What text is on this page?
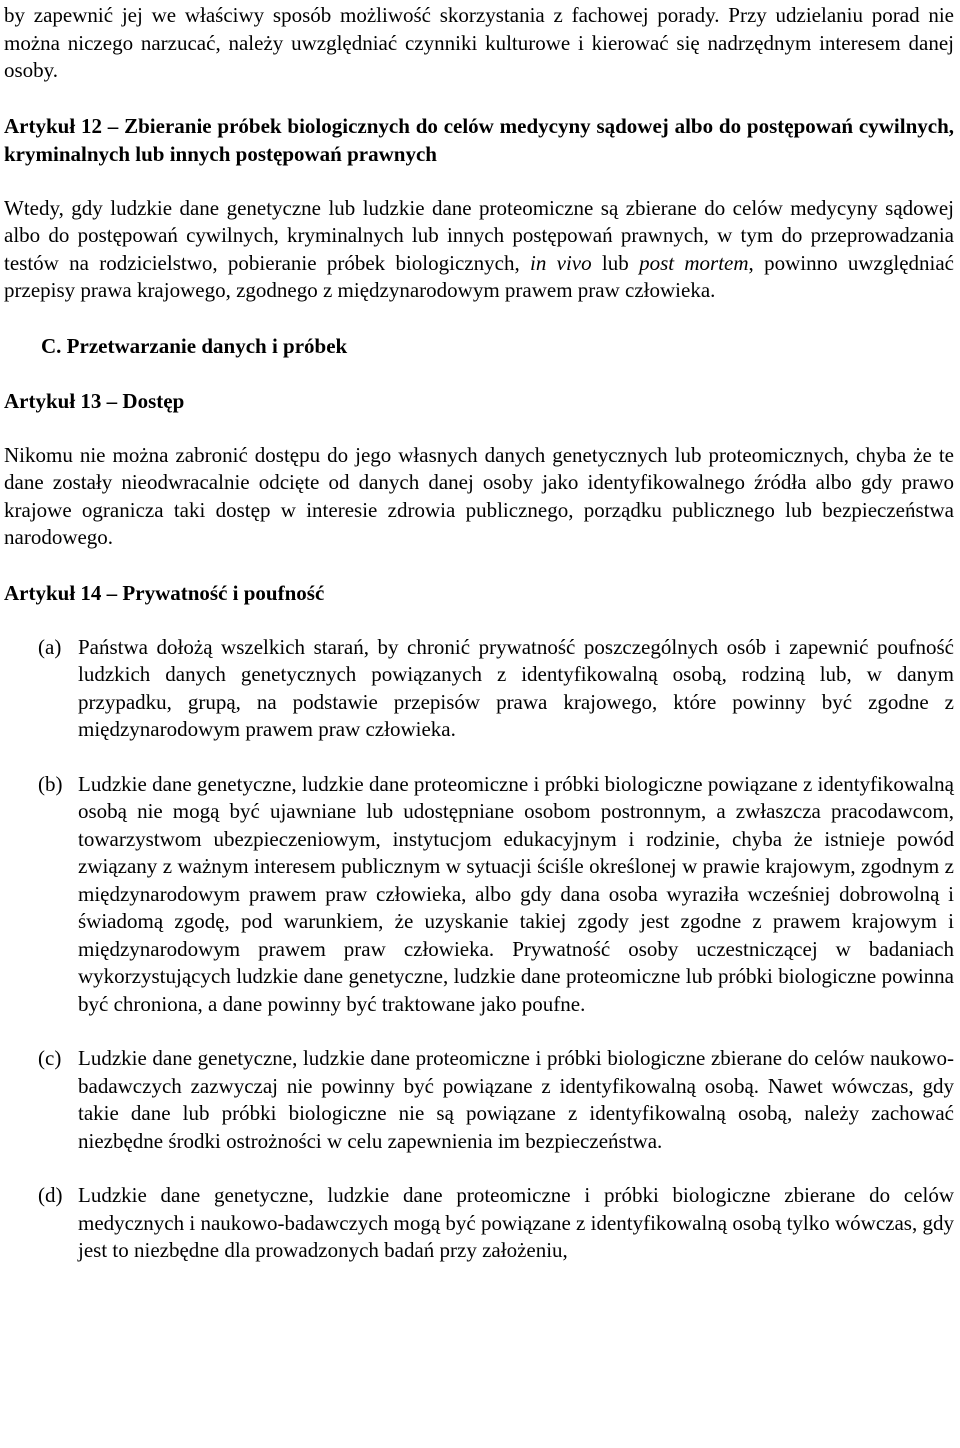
by zapewnić jej we właściwy sposób możliwość skorzystania z fachowej porady. Przy udzielaniu porad nie można niczego narzucać, należy uwzględniać czynniki kulturowe i kierować się nadrzędnym interesem danej osoby.

Artykuł 12 – Zbieranie próbek biologicznych do celów medycyny sądowej albo do postępowań cywilnych, kryminalnych lub innych postępowań prawnych

Wtedy, gdy ludzkie dane genetyczne lub ludzkie dane proteomiczne są zbierane do celów medycyny sądowej albo do postępowań cywilnych, kryminalnych lub innych postępowań prawnych, w tym do przeprowadzania testów na rodzicielstwo, pobieranie próbek biologicznych, in vivo lub post mortem, powinno uwzględniać przepisy prawa krajowego, zgodnego z międzynarodowym prawem praw człowieka.

C. Przetwarzanie danych i próbek
Artykuł 13 – Dostęp

Nikomu nie można zabronić dostępu do jego własnych danych genetycznych lub proteomicznych, chyba że te dane zostały nieodwracalnie odcięte od danych danej osoby jako identyfikowalnego źródła albo gdy prawo krajowe ogranicza taki dostęp w interesie zdrowia publicznego, porządku publicznego lub bezpieczeństwa narodowego.

Artykuł 14 – Prywatność i poufność
(a) Państwa dołożą wszelkich starań, by chronić prywatność poszczególnych osób i zapewnić poufność ludzkich danych genetycznych powiązanych z identyfikowalną osobą, rodziną lub, w danym przypadku, grupą, na podstawie przepisów prawa krajowego, które powinny być zgodne z międzynarodowym prawem praw człowieka.
(b) Ludzkie dane genetyczne, ludzkie dane proteomiczne i próbki biologiczne powiązane z identyfikowalną osobą nie mogą być ujawniane lub udostępniane osobom postronnym, a zwłaszcza pracodawcom, towarzystwom ubezpieczeniowym, instytucjom edukacyjnym i rodzinie, chyba że istnieje powód związany z ważnym interesem publicznym w sytuacji ściśle określonej w prawie krajowym, zgodnym z międzynarodowym prawem praw człowieka, albo gdy dana osoba wyraziła wcześniej dobrowolną i świadomą zgodę, pod warunkiem, że uzyskanie takiej zgody jest zgodne z prawem krajowym i międzynarodowym prawem praw człowieka. Prywatność osoby uczestniczącej w badaniach wykorzystujących ludzkie dane genetyczne, ludzkie dane proteomiczne lub próbki biologiczne powinna być chroniona, a dane powinny być traktowane jako poufne.
(c) Ludzkie dane genetyczne, ludzkie dane proteomiczne i próbki biologiczne zbierane do celów naukowo-badawczych zazwyczaj nie powinny być powiązane z identyfikowalną osobą. Nawet wówczas, gdy takie dane lub próbki biologiczne nie są powiązane z identyfikowalną osobą, należy zachować niezbędne środki ostrożności w celu zapewnienia im bezpieczeństwa.
(d) Ludzkie dane genetyczne, ludzkie dane proteomiczne i próbki biologiczne zbierane do celów medycznych i naukowo-badawczych mogą być powiązane z identyfikowalną osobą tylko wówczas, gdy jest to niezbędne dla prowadzonych badań przy założeniu,
